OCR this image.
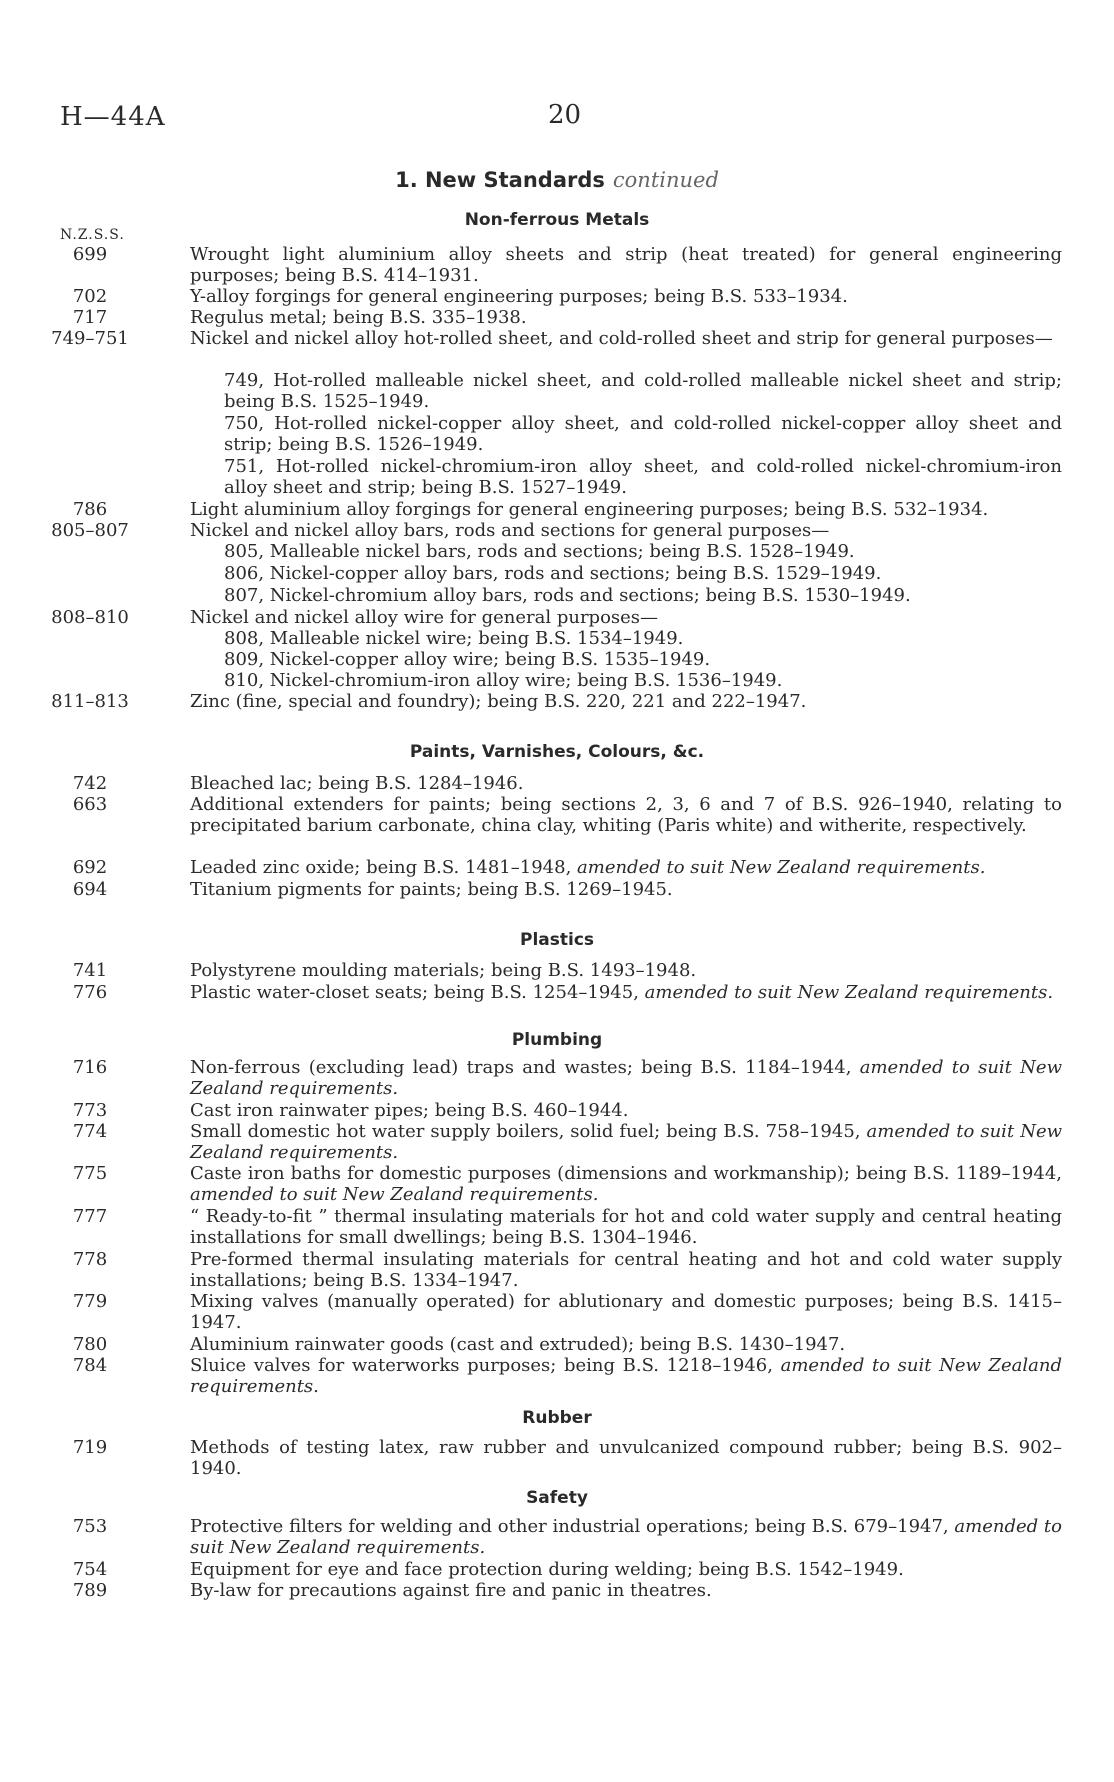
H—44A	20
1. New Standards continued
Non-ferrous Metals
N.Z.S.S.
699	Wrought light aluminium alloy sheets and strip (heat treated) for general engineering purposes; being B.S. 414–1931.
702	Y-alloy forgings for general engineering purposes; being B.S. 533–1934.
717	Regulus metal; being B.S. 335–1938.
749–751	Nickel and nickel alloy hot-rolled sheet, and cold-rolled sheet and strip for general purposes—
749, Hot-rolled malleable nickel sheet, and cold-rolled malleable nickel sheet and strip; being B.S. 1525–1949.
750, Hot-rolled nickel-copper alloy sheet, and cold-rolled nickel-copper alloy sheet and strip; being B.S. 1526–1949.
751, Hot-rolled nickel-chromium-iron alloy sheet, and cold-rolled nickel-chromium-iron alloy sheet and strip; being B.S. 1527–1949.
786	Light aluminium alloy forgings for general engineering purposes; being B.S. 532–1934.
805–807	Nickel and nickel alloy bars, rods and sections for general purposes—
805, Malleable nickel bars, rods and sections; being B.S. 1528–1949.
806, Nickel-copper alloy bars, rods and sections; being B.S. 1529–1949.
807, Nickel-chromium alloy bars, rods and sections; being B.S. 1530–1949.
808–810	Nickel and nickel alloy wire for general purposes—
808, Malleable nickel wire; being B.S. 1534–1949.
809, Nickel-copper alloy wire; being B.S. 1535–1949.
810, Nickel-chromium-iron alloy wire; being B.S. 1536–1949.
811–813	Zinc (fine, special and foundry); being B.S. 220, 221 and 222–1947.
Paints, Varnishes, Colours, &c.
742	Bleached lac; being B.S. 1284–1946.
663	Additional extenders for paints; being sections 2, 3, 6 and 7 of B.S. 926–1940, relating to precipitated barium carbonate, china clay, whiting (Paris white) and witherite, respectively.
692	Leaded zinc oxide; being B.S. 1481–1948, amended to suit New Zealand requirements.
694	Titanium pigments for paints; being B.S. 1269–1945.
Plastics
741	Polystyrene moulding materials; being B.S. 1493–1948.
776	Plastic water-closet seats; being B.S. 1254–1945, amended to suit New Zealand requirements.
Plumbing
716	Non-ferrous (excluding lead) traps and wastes; being B.S. 1184–1944, amended to suit New Zealand requirements.
773	Cast iron rainwater pipes; being B.S. 460–1944.
774	Small domestic hot water supply boilers, solid fuel; being B.S. 758–1945, amended to suit New Zealand requirements.
775	Caste iron baths for domestic purposes (dimensions and workmanship); being B.S. 1189–1944, amended to suit New Zealand requirements.
777	“ Ready-to-fit ” thermal insulating materials for hot and cold water supply and central heating installations for small dwellings; being B.S. 1304–1946.
778	Pre-formed thermal insulating materials for central heating and hot and cold water supply installations; being B.S. 1334–1947.
779	Mixing valves (manually operated) for ablutionary and domestic purposes; being B.S. 1415–1947.
780	Aluminium rainwater goods (cast and extruded); being B.S. 1430–1947.
784	Sluice valves for waterworks purposes; being B.S. 1218–1946, amended to suit New Zealand requirements.
Rubber
719	Methods of testing latex, raw rubber and unvulcanized compound rubber; being B.S. 902–1940.
Safety
753	Protective filters for welding and other industrial operations; being B.S. 679–1947, amended to suit New Zealand requirements.
754	Equipment for eye and face protection during welding; being B.S. 1542–1949.
789	By-law for precautions against fire and panic in theatres.
